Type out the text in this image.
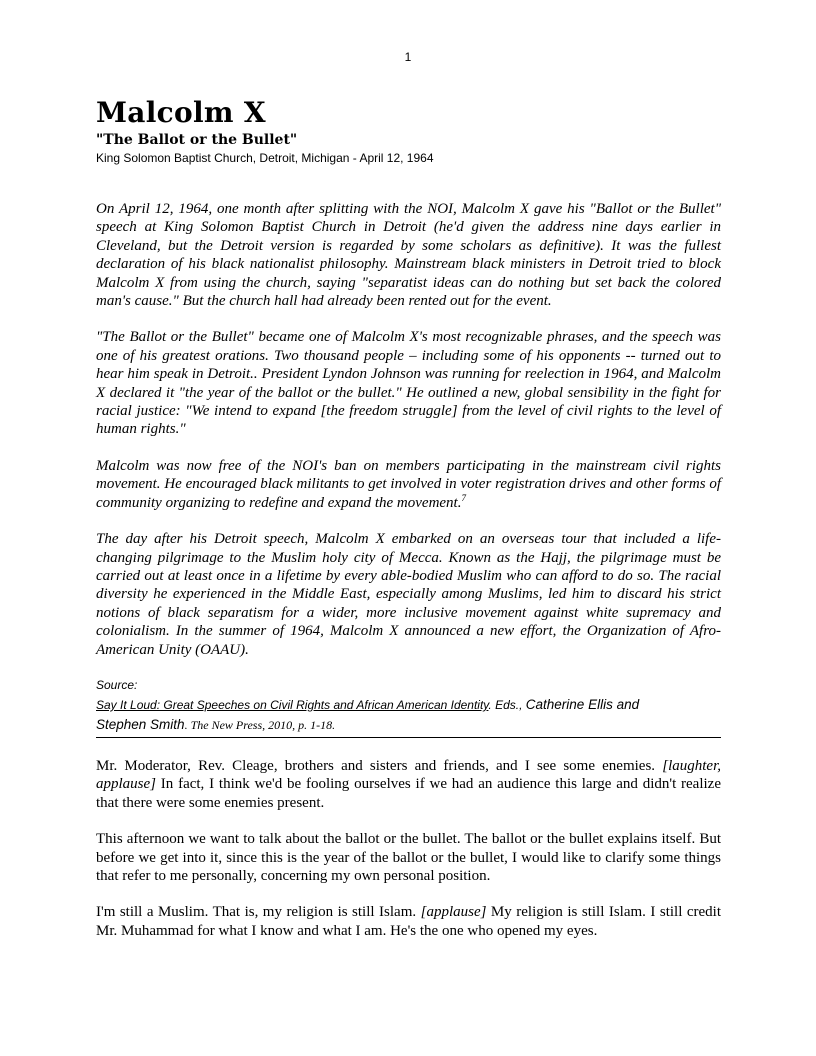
1
Malcolm X
"The Ballot or the Bullet"
King Solomon Baptist Church, Detroit, Michigan - April 12, 1964

On April 12, 1964, one month after splitting with the NOI, Malcolm X gave his "Ballot or the Bullet" speech at King Solomon Baptist Church in Detroit (he'd given the address nine days earlier in Cleveland, but the Detroit version is regarded by some scholars as definitive). It was the fullest declaration of his black nationalist philosophy. Mainstream black ministers in Detroit tried to block Malcolm X from using the church, saying "separatist ideas can do nothing but set back the colored man's cause." But the church hall had already been rented out for the event.

"The Ballot or the Bullet" became one of Malcolm X's most recognizable phrases, and the speech was one of his greatest orations. Two thousand people – including some of his opponents -- turned out to hear him speak in Detroit.. President Lyndon Johnson was running for reelection in 1964, and Malcolm X declared it "the year of the ballot or the bullet." He outlined a new, global sensibility in the fight for racial justice: "We intend to expand [the freedom struggle] from the level of civil rights to the level of human rights."

Malcolm was now free of the NOI's ban on members participating in the mainstream civil rights movement. He encouraged black militants to get involved in voter registration drives and other forms of community organizing to redefine and expand the movement.$^7$

The day after his Detroit speech, Malcolm X embarked on an overseas tour that included a life-changing pilgrimage to the Muslim holy city of Mecca. Known as the Hajj, the pilgrimage must be carried out at least once in a lifetime by every able-bodied Muslim who can afford to do so. The racial diversity he experienced in the Middle East, especially among Muslims, led him to discard his strict notions of black separatism for a wider, more inclusive movement against white supremacy and colonialism. In the summer of 1964, Malcolm X announced a new effort, the Organization of Afro-American Unity (OAAU).

Source:
Say It Loud: Great Speeches on Civil Rights and African American Identity. Eds., Catherine Ellis and
Stephen Smith. The New Press, 2010, p. 1-18.

Mr. Moderator, Rev. Cleage, brothers and sisters and friends, and I see some enemies. [laughter, applause] In fact, I think we'd be fooling ourselves if we had an audience this large and didn't realize that there were some enemies present.

This afternoon we want to talk about the ballot or the bullet. The ballot or the bullet explains itself. But before we get into it, since this is the year of the ballot or the bullet, I would like to clarify some things that refer to me personally, concerning my own personal position.

I'm still a Muslim. That is, my religion is still Islam. [applause] My religion is still Islam. I still credit Mr. Muhammad for what I know and what I am. He's the one who opened my eyes.
